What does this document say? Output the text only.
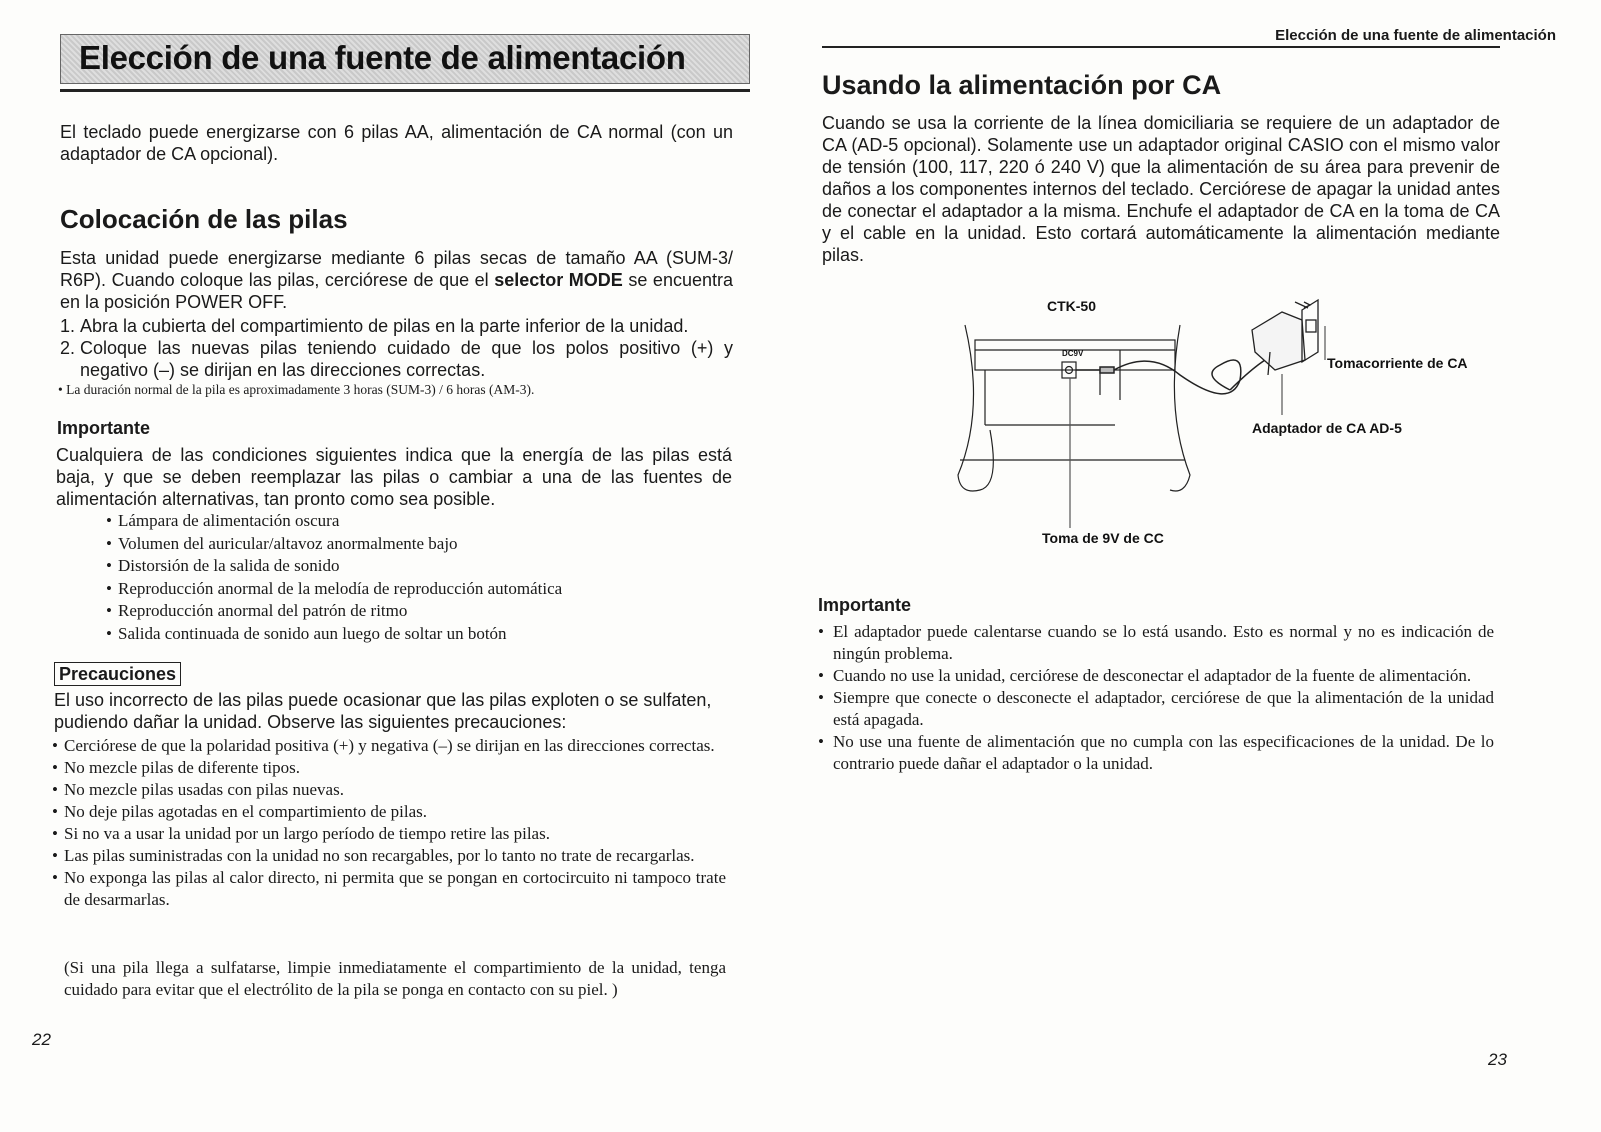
Elección de una fuente de alimentación
El teclado puede energizarse con 6 pilas AA, alimentación de CA normal (con un adaptador de CA opcional).
Colocación de las pilas
Esta unidad puede energizarse mediante 6 pilas secas de tamaño AA (SUM-3/ R6P). Cuando coloque las pilas, cerciórese de que el selector MODE se encuentra en la posición POWER OFF.
1. Abra la cubierta del compartimiento de pilas en la parte inferior de la unidad.
2. Coloque las nuevas pilas teniendo cuidado de que los polos positivo (+) y negativo (–) se dirijan en las direcciones correctas.
• La duración normal de la pila es aproximadamente 3 horas (SUM-3) / 6 horas (AM-3).
Importante
Cualquiera de las condiciones siguientes indica que la energía de las pilas está baja, y que se deben reemplazar las pilas o cambiar a una de las fuentes de alimentación alternativas, tan pronto como sea posible.
• Lámpara de alimentación oscura
• Volumen del auricular/altavoz anormalmente bajo
• Distorsión de la salida de sonido
• Reproducción anormal de la melodía de reproducción automática
• Reproducción anormal del patrón de ritmo
• Salida continuada de sonido aun luego de soltar un botón
Precauciones
El uso incorrecto de las pilas puede ocasionar que las pilas exploten o se sulfaten, pudiendo dañar la unidad. Observe las siguientes precauciones:
• Cerciórese de que la polaridad positiva (+) y negativa (–) se dirijan en las direcciones correctas.
• No mezcle pilas de diferente tipos.
• No mezcle pilas usadas con pilas nuevas.
• No deje pilas agotadas en el compartimiento de pilas.
• Si no va a usar la unidad por un largo período de tiempo retire las pilas.
• Las pilas suministradas con la unidad no son recargables, por lo tanto no trate de recargarlas.
• No exponga las pilas al calor directo, ni permita que se pongan en cortocircuito ni tampoco trate de desarmarlas.
(Si una pila llega a sulfatarse, limpie inmediatamente el compartimiento de la unidad, tenga cuidado para evitar que el electrólito de la pila se ponga en contacto con su piel. )
22
Elección de una fuente de alimentación
Usando la alimentación por CA
Cuando se usa la corriente de la línea domiciliaria se requiere de un adaptador de CA (AD-5 opcional). Solamente use un adaptador original CASIO con el mismo valor de tensión (100, 117, 220 ó 240 V) que la alimentación de su área para prevenir de daños a los componentes internos del teclado. Cerciórese de apagar la unidad antes de conectar el adaptador a la misma. Enchufe el adaptador de CA en la toma de CA y el cable en la unidad. Esto cortará automáticamente la alimentación mediante pilas.
CTK-50
DC9V
Tomacorriente de CA
Adaptador de CA AD-5
Toma de 9V de CC
Importante
• El adaptador puede calentarse cuando se lo está usando. Esto es normal y no es indicación de ningún problema.
• Cuando no use la unidad, cerciórese de desconectar el adaptador de la fuente de alimentación.
• Siempre que conecte o desconecte el adaptador, cerciórese de que la alimentación de la unidad está apagada.
• No use una fuente de alimentación que no cumpla con las especificaciones de la unidad. De lo contrario puede dañar el adaptador o la unidad.
23
